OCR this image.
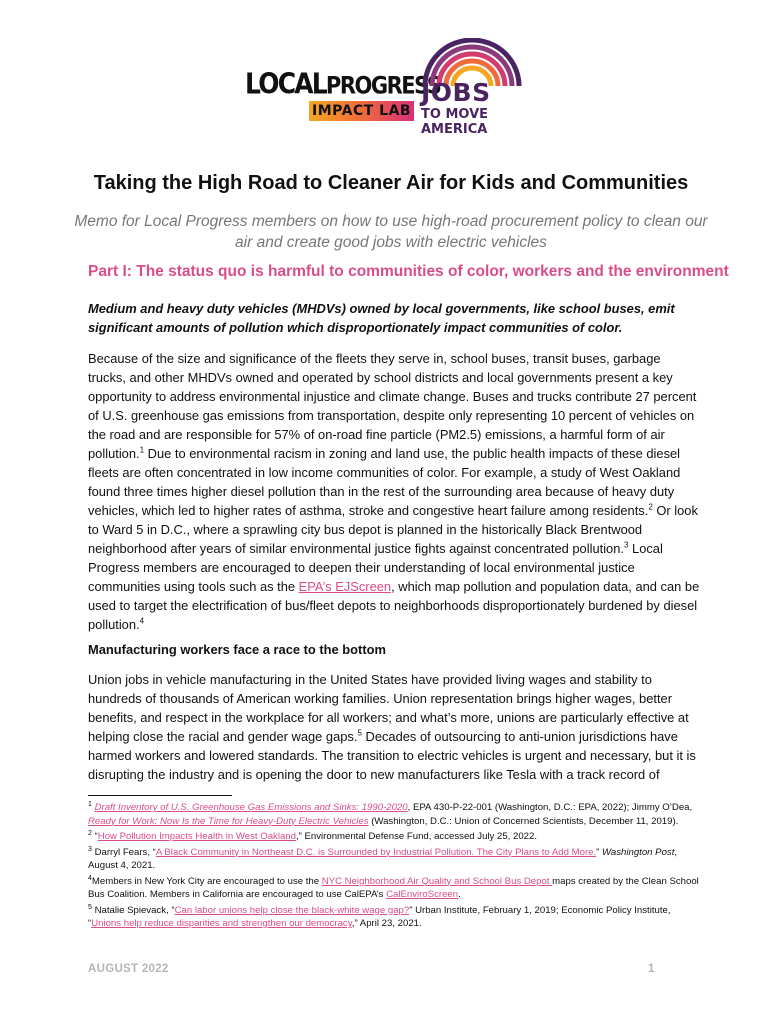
LOCALPROGRESS
IMPACT LAB
JOBS
TO MOVE
AMERICA
Taking the High Road to Cleaner Air for Kids and Communities

Memo for Local Progress members on how to use high-road procurement policy to clean our air and create good jobs with electric vehicles

Part I: The status quo is harmful to communities of color, workers and the environment

Medium and heavy duty vehicles (MHDVs) owned by local governments, like school buses, emit significant amounts of pollution which disproportionately impact communities of color.

Because of the size and significance of the fleets they serve in, school buses, transit buses, garbage trucks, and other MHDVs owned and operated by school districts and local governments present a key opportunity to address environmental injustice and climate change. Buses and trucks contribute 27 percent of U.S. greenhouse gas emissions from transportation, despite only representing 10 percent of vehicles on the road and are responsible for 57% of on-road fine particle (PM2.5) emissions, a harmful form of air pollution.$^1$ Due to environmental racism in zoning and land use, the public health impacts of these diesel fleets are often concentrated in low income communities of color. For example, a study of West Oakland found three times higher diesel pollution than in the rest of the surrounding area because of heavy duty vehicles, which led to higher rates of asthma, stroke and congestive heart failure among residents.$^2$ Or look to Ward 5 in D.C., where a sprawling city bus depot is planned in the historically Black Brentwood neighborhood after years of similar environmental justice fights against concentrated pollution.$^3$ Local Progress members are encouraged to deepen their understanding of local environmental justice communities using tools such as the EPA’s EJScreen, which map pollution and population data, and can be used to target the electrification of bus/fleet depots to neighborhoods disproportionately burdened by diesel pollution.$^4$

Manufacturing workers face a race to the bottom

Union jobs in vehicle manufacturing in the United States have provided living wages and stability to hundreds of thousands of American working families. Union representation brings higher wages, better benefits, and respect in the workplace for all workers; and what’s more, unions are particularly effective at helping close the racial and gender wage gaps.$^5$ Decades of outsourcing to anti-union jurisdictions have harmed workers and lowered standards. The transition to electric vehicles is urgent and necessary, but it is disrupting the industry and is opening the door to new manufacturers like Tesla with a track record of

$^1$ Draft Inventory of U.S. Greenhouse Gas Emissions and Sinks: 1990-2020, EPA 430-P-22-001 (Washington, D.C.: EPA, 2022); Jimmy O’Dea, Ready for Work: Now Is the Time for Heavy-Duty Electric Vehicles (Washington, D.C.: Union of Concerned Scientists, December 11, 2019).

$^2$ “How Pollution Impacts Health in West Oakland,” Environmental Defense Fund, accessed July 25, 2022.

$^3$ Darryl Fears, “A Black Community in Northeast D.C. is Surrounded by Industrial Pollution. The City Plans to Add More.” Washington Post, August 4, 2021.

$^4$Members in New York City are encouraged to use the NYC Neighborhood Air Quality and School Bus Depot maps created by the Clean School Bus Coalition. Members in California are encouraged to use CalEPA’s CalEnviroScreen.

$^5$ Natalie Spievack, “Can labor unions help close the black-white wage gap?” Urban Institute, February 1, 2019; Economic Policy Institute, “Unions help reduce disparities and strengthen our democracy,” April 23, 2021.

AUGUST 2022	1
